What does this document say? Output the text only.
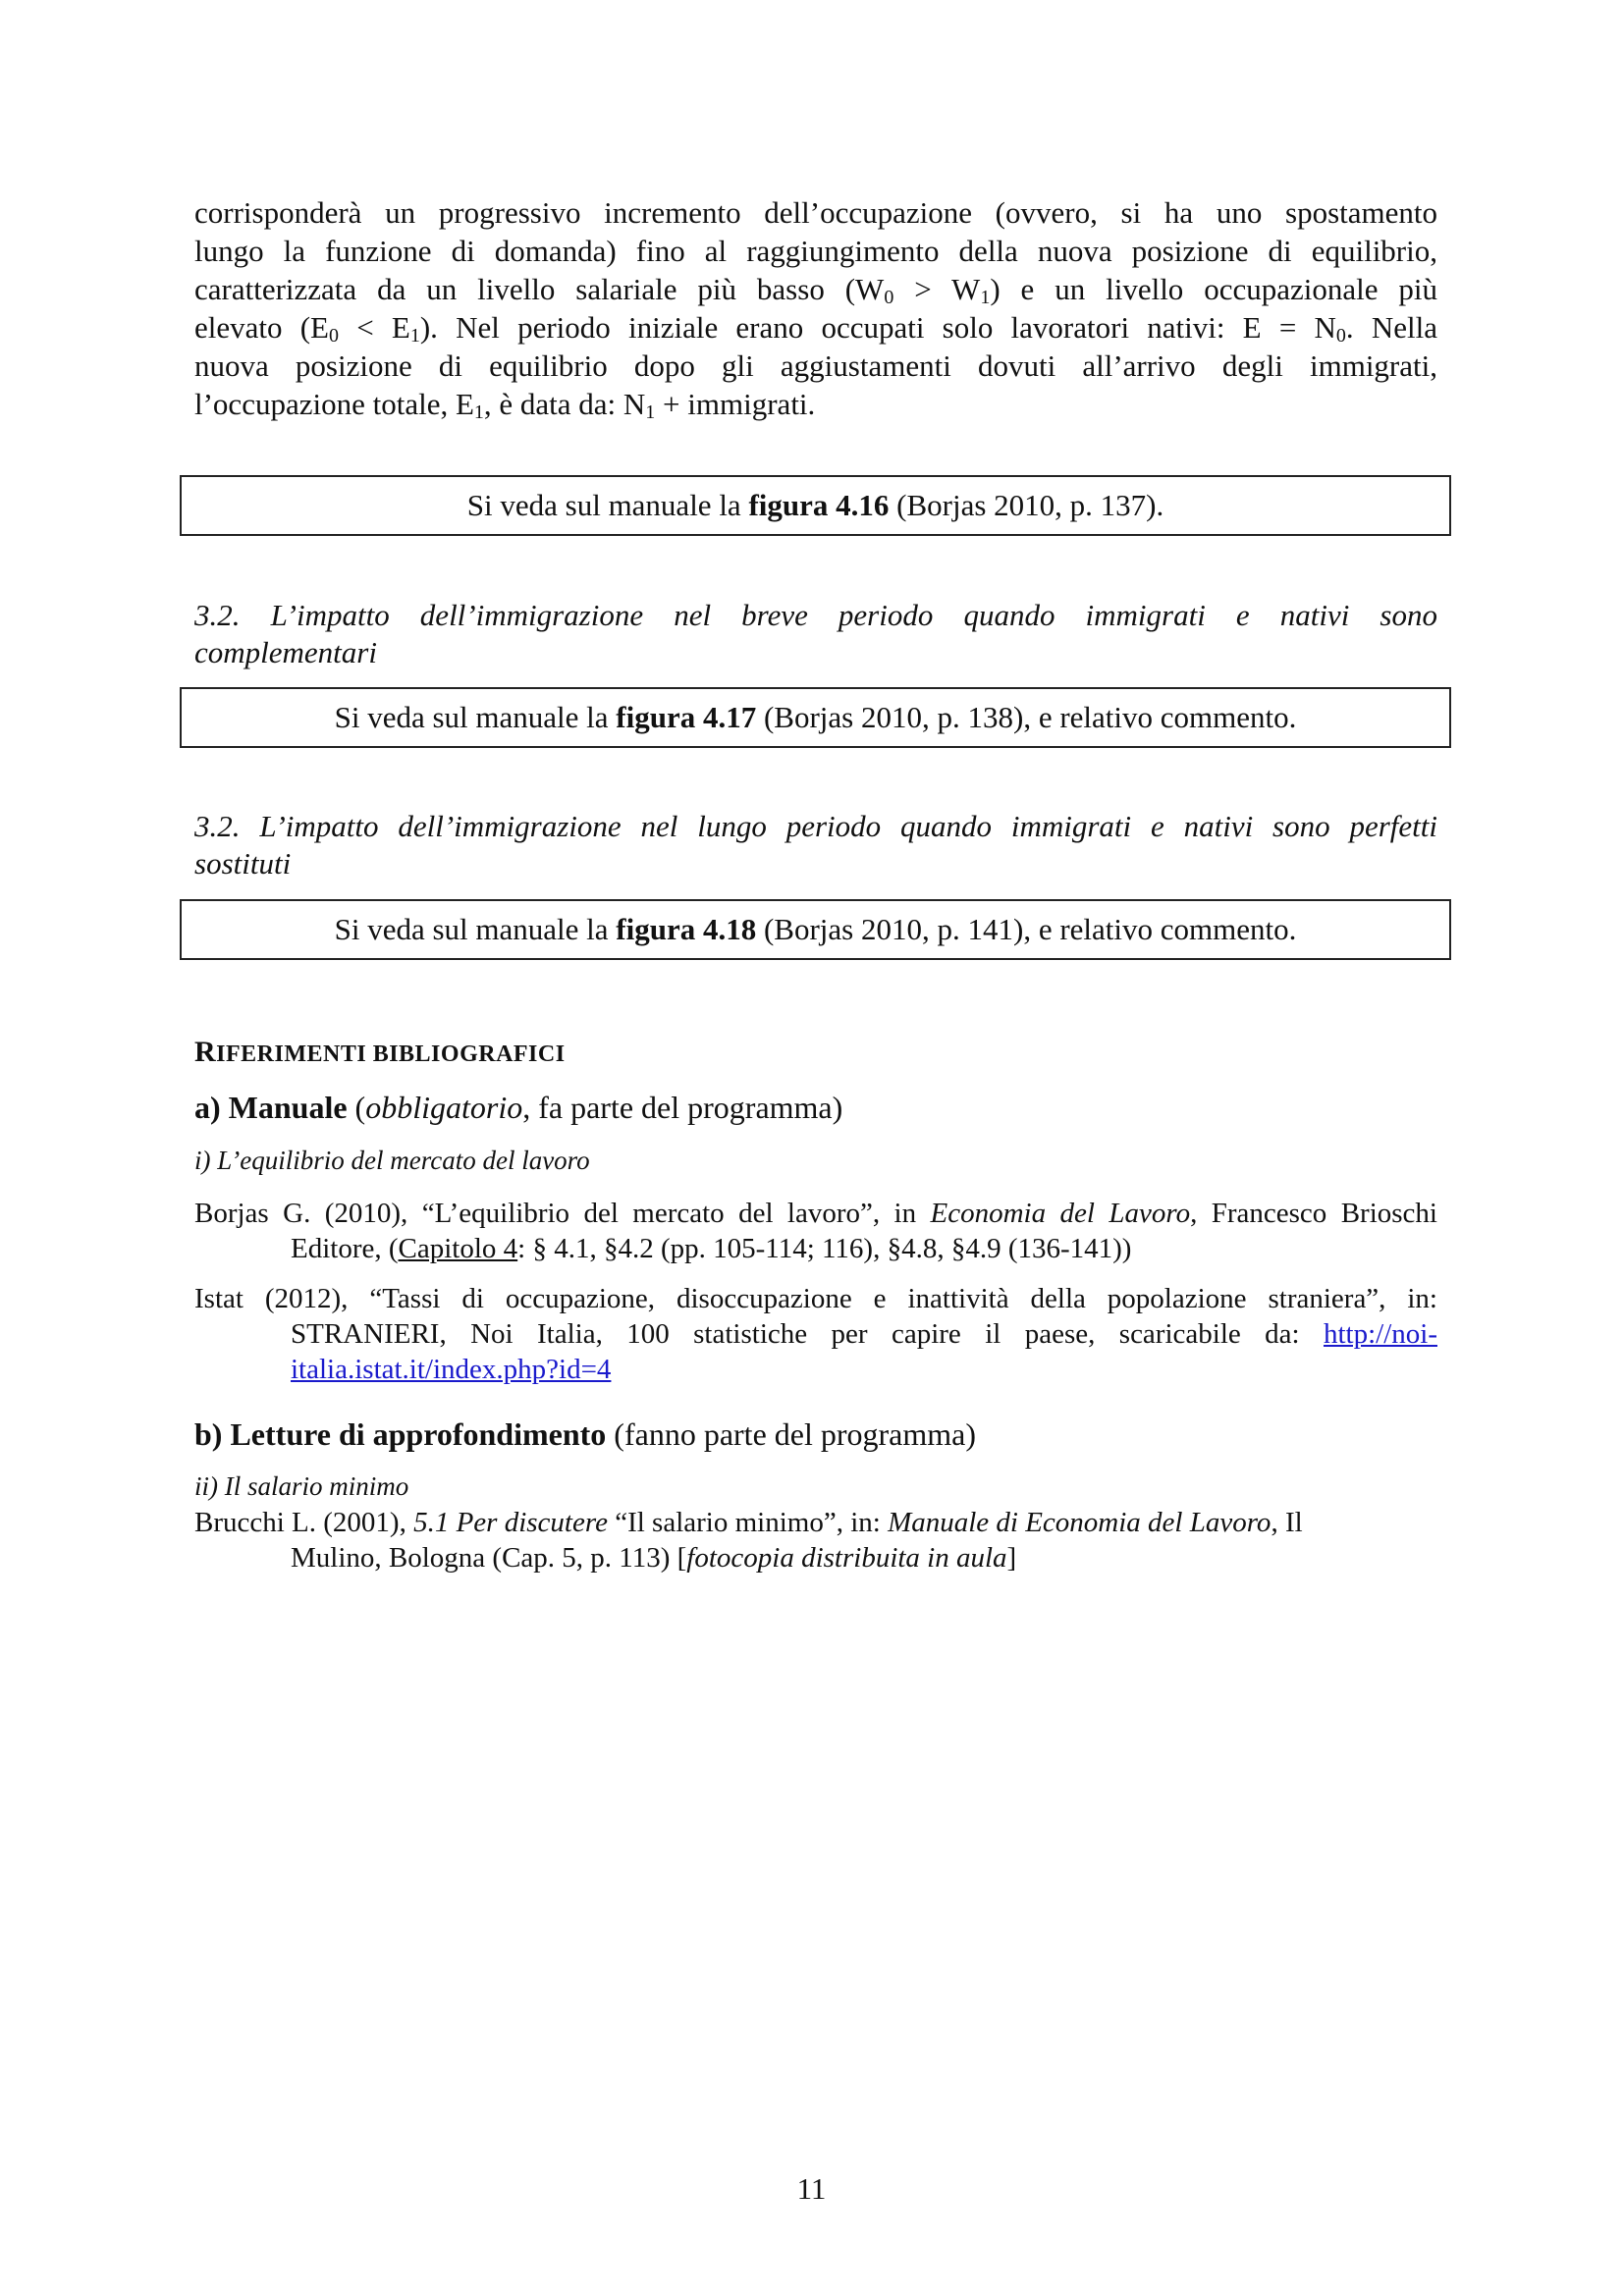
corrisponderà un progressivo incremento dell’occupazione (ovvero, si ha uno spostamento
lungo la funzione di domanda) fino al raggiungimento della nuova posizione di equilibrio,
caratterizzata da un livello salariale più basso $(W_0 > W_1)$ e un livello occupazionale più
elevato $(E_0 < E_1)$. Nel periodo iniziale erano occupati solo lavoratori nativi: $E = N_0$. Nella
nuova posizione di equilibrio dopo gli aggiustamenti dovuti all’arrivo degli immigrati,
l’occupazione totale, $E_1$, è data da: $N_1$ + immigrati.
Si veda sul manuale la figura 4.16 (Borjas 2010, p. 137).
3.2. L’impatto dell’immigrazione nel breve periodo quando immigrati e nativi sono
complementari
Si veda sul manuale la figura 4.17 (Borjas 2010, p. 138), e relativo commento.
3.2. L’impatto dell’immigrazione nel lungo periodo quando immigrati e nativi sono perfetti
sostituti
Si veda sul manuale la figura 4.18 (Borjas 2010, p. 141), e relativo commento.
RIFERIMENTI BIBLIOGRAFICI
a) Manuale (obbligatorio, fa parte del programma)
i) L’equilibrio del mercato del lavoro
Borjas G. (2010), “L’equilibrio del mercato del lavoro”, in Economia del Lavoro, Francesco Brioschi
Editore, (Capitolo 4: § 4.1, §4.2 (pp. 105-114; 116), §4.8, §4.9 (136-141))
Istat (2012), “Tassi di occupazione, disoccupazione e inattività della popolazione straniera”, in:
STRANIERI, Noi Italia, 100 statistiche per capire il paese, scaricabile da: http://noi-
italia.istat.it/index.php?id=4
b) Letture di approfondimento (fanno parte del programma)
ii) Il salario minimo
Brucchi L. (2001), 5.1 Per discutere “Il salario minimo”, in: Manuale di Economia del Lavoro, Il
Mulino, Bologna (Cap. 5, p. 113) [fotocopia distribuita in aula]
11
